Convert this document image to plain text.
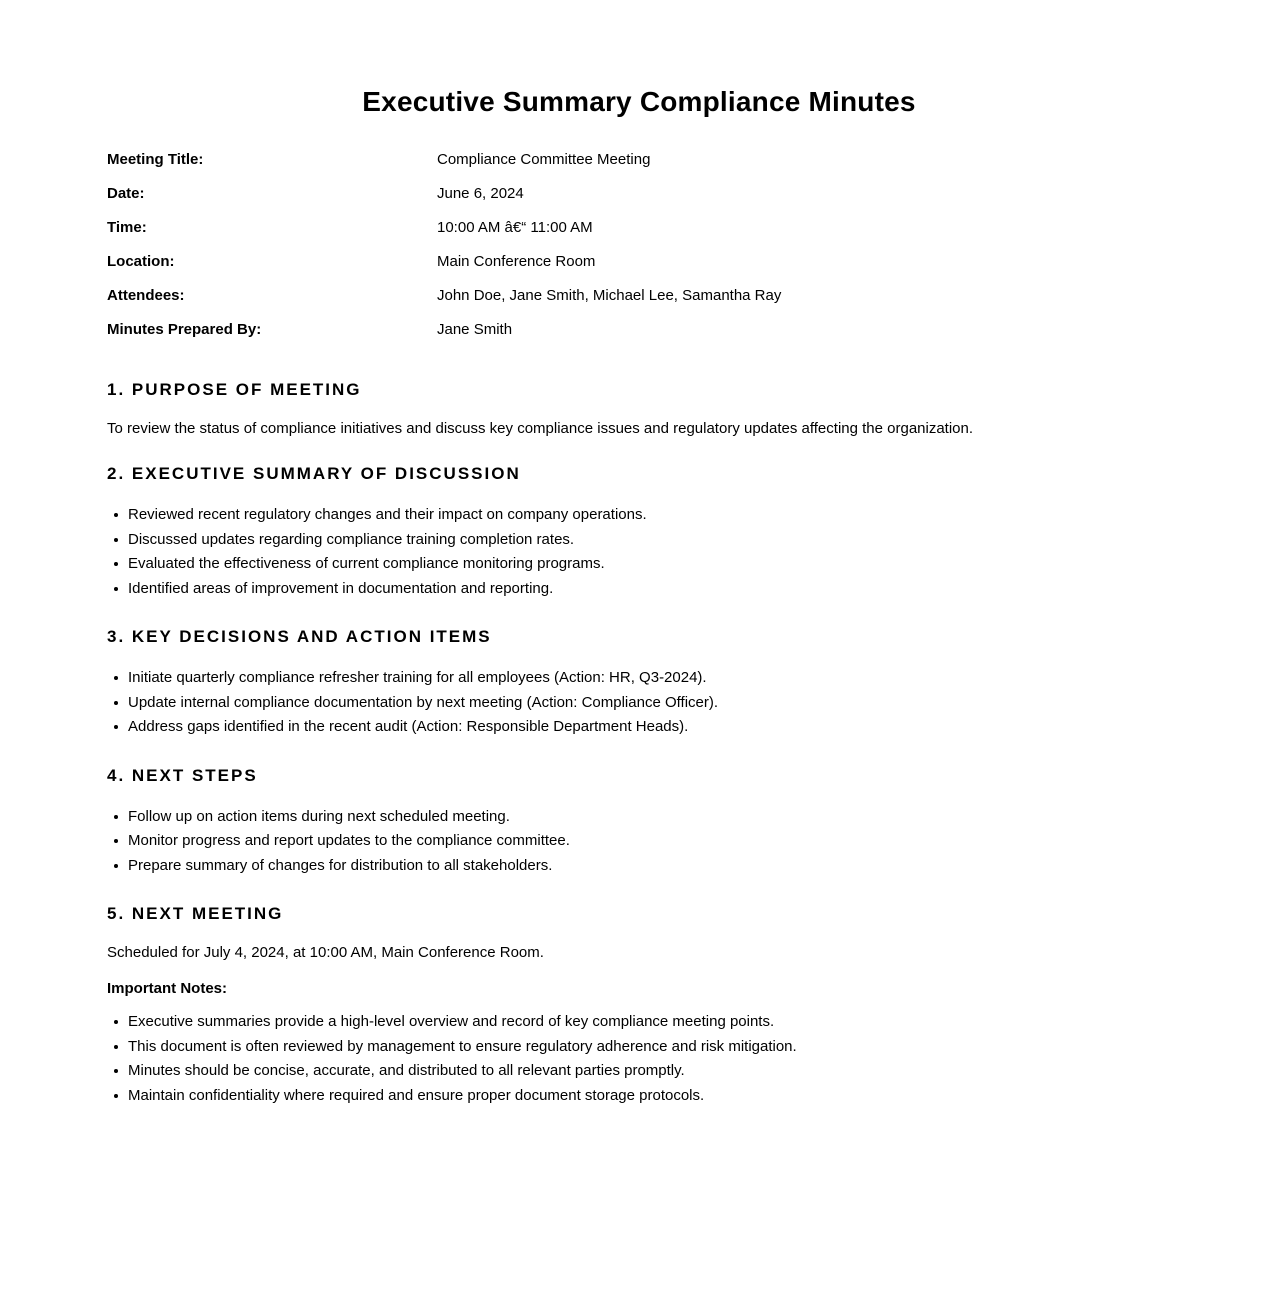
Executive Summary Compliance Minutes
Meeting Title:	Compliance Committee Meeting
Date:	June 6, 2024
Time:	10:00 AM â€“ 11:00 AM
Location:	Main Conference Room
Attendees:	John Doe, Jane Smith, Michael Lee, Samantha Ray
Minutes Prepared By:	Jane Smith
1. PURPOSE OF MEETING

To review the status of compliance initiatives and discuss key compliance issues and regulatory updates affecting the organization.

2. EXECUTIVE SUMMARY OF DISCUSSION
Reviewed recent regulatory changes and their impact on company operations.
Discussed updates regarding compliance training completion rates.
Evaluated the effectiveness of current compliance monitoring programs.
Identified areas of improvement in documentation and reporting.
3. KEY DECISIONS AND ACTION ITEMS
Initiate quarterly compliance refresher training for all employees (Action: HR, Q3-2024).
Update internal compliance documentation by next meeting (Action: Compliance Officer).
Address gaps identified in the recent audit (Action: Responsible Department Heads).
4. NEXT STEPS
Follow up on action items during next scheduled meeting.
Monitor progress and report updates to the compliance committee.
Prepare summary of changes for distribution to all stakeholders.
5. NEXT MEETING

Scheduled for July 4, 2024, at 10:00 AM, Main Conference Room.

Important Notes:
Executive summaries provide a high-level overview and record of key compliance meeting points.
This document is often reviewed by management to ensure regulatory adherence and risk mitigation.
Minutes should be concise, accurate, and distributed to all relevant parties promptly.
Maintain confidentiality where required and ensure proper document storage protocols.
